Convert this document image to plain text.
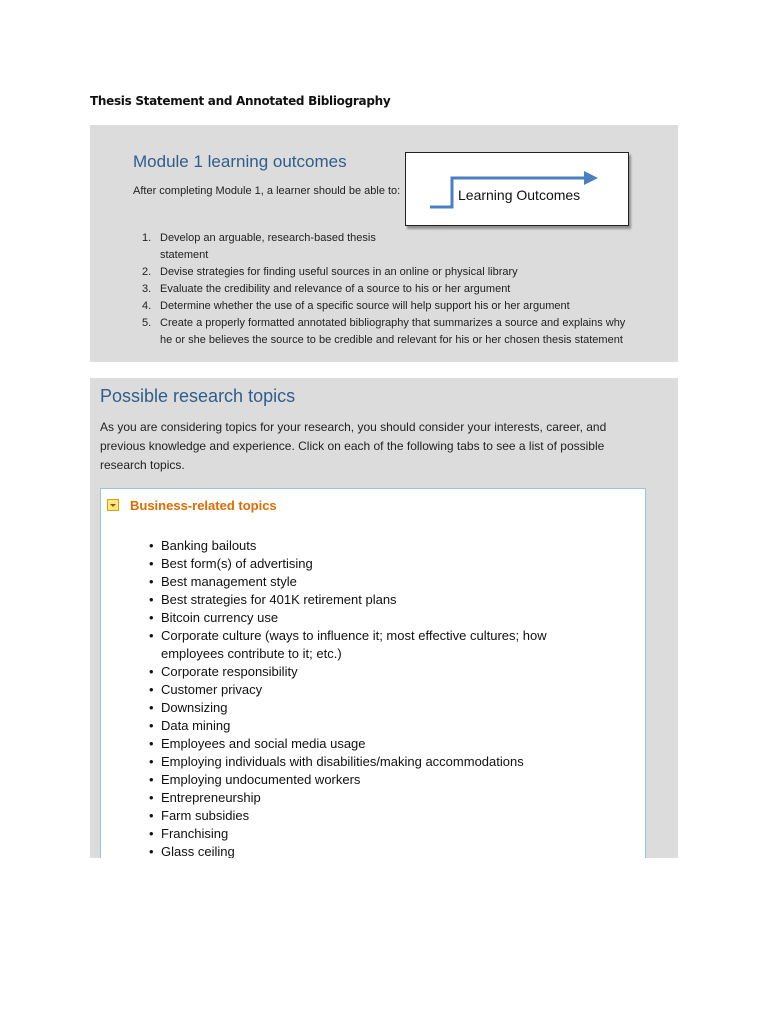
Thesis Statement and Annotated Bibliography
Module 1 learning outcomes
After completing Module 1, a learner should be able to:	Learning Outcomes
1. Develop an arguable, research-based thesis statement
2. Devise strategies for finding useful sources in an online or physical library
3. Evaluate the credibility and relevance of a source to his or her argument
4. Determine whether the use of a specific source will help support his or her argument
5. Create a properly formatted annotated bibliography that summarizes a source and explains why he or she believes the source to be credible and relevant for his or her chosen thesis statement
Possible research topics
As you are considering topics for your research, you should consider your interests, career, and previous knowledge and experience. Click on each of the following tabs to see a list of possible research topics.
Business-related topics
• Banking bailouts
• Best form(s) of advertising
• Best management style
• Best strategies for 401K retirement plans
• Bitcoin currency use
• Corporate culture (ways to influence it; most effective cultures; how employees contribute to it; etc.)
• Corporate responsibility
• Customer privacy
• Downsizing
• Data mining
• Employees and social media usage
• Employing individuals with disabilities/making accommodations
• Employing undocumented workers
• Entrepreneurship
• Farm subsidies
• Franchising
• Glass ceiling
